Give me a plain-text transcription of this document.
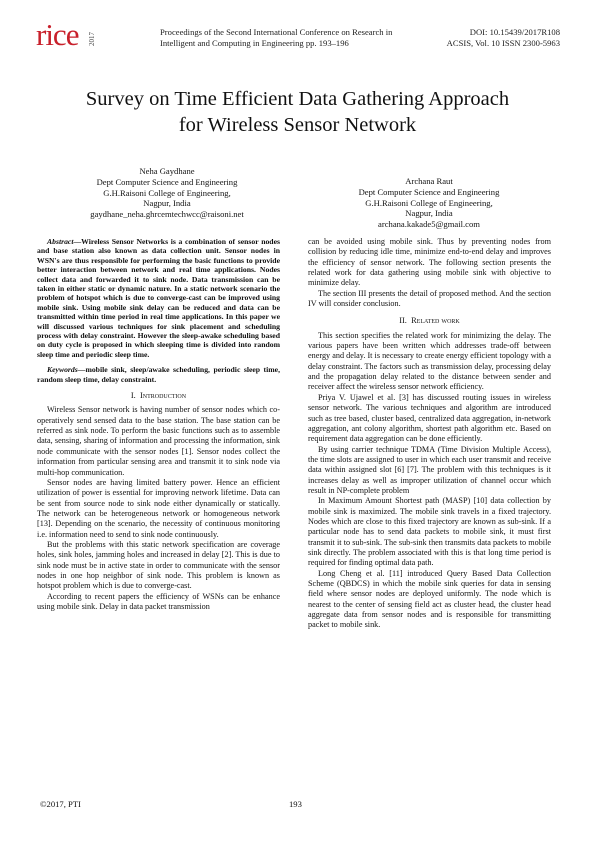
rice 2017	Proceedings of the Second International Conference on Research in	DOI: 10.15439/2017R108
Intelligent and Computing in Engineering pp. 193–196	ACSIS, Vol. 10 ISSN 2300-5963
Survey on Time Efficient Data Gathering Approach
for Wireless Sensor Network
Neha Gaydhane
Dept Computer Science and Engineering
G.H.Raisoni College of Engineering,
Nagpur, India
gaydhane_neha.ghrcemtechwcc@raisoni.net
Archana Raut
Dept Computer Science and Engineering
G.H.Raisoni College of Engineering,
Nagpur, India
archana.kakade5@gmail.com

Abstract—Wireless Sensor Networks is a combination of sensor nodes and base station also known as data collection unit. Sensor nodes in WSN's are thus responsible for performing the basic functions to provide better interaction between network and real time applications. Nodes collect data and forwarded it to sink node. Data transmission can be taken in either static or dynamic nature. In a static network scenario the problem of hotspot which is due to converge-cast can be improved using mobile sink. Using mobile sink delay can be reduced and data can be transmitted within time period in real time applications. In this paper we will discussed various techniques for sink placement and scheduling process with delay constraint. However the sleep-awake scheduling based on duty cycle is proposed in which sleeping time is divided into random sleep time and periodic sleep time.

Keywords—mobile sink, sleep/awake scheduling, periodic sleep time, random sleep time, delay constraint.

I. Introduction

Wireless Sensor network is having number of sensor nodes which co-operatively send sensed data to the base station. The base station can be referred as sink node. To perform the basic functions such as to assemble data, sensing, sharing of information and processing the information, sink node communicate with the sensor nodes [1]. Sensor nodes collect the information from particular sensing area and transmit it to sink node via multi-hop communication.

Sensor nodes are having limited battery power. Hence an efficient utilization of power is essential for improving network lifetime. Data can be sent from source node to sink node either dynamically or statically. The network can be heterogeneous network or homogeneous network [13]. Depending on the scenario, the necessity of continuous monitoring i.e. information need to send to sink node continuously.

But the problems with this static network specification are coverage holes, sink holes, jamming holes and increased in delay [2]. This is due to sink node must be in active state in order to communicate with the sensor nodes in one hop neighbor of sink node. This problem is known as hotspot problem which is due to converge-cast.

According to recent papers the efficiency of WSNs can be enhance using mobile sink. Delay in data packet transmission

can be avoided using mobile sink. Thus by preventing nodes from collision by reducing idle time, minimize end-to-end delay and improves the efficiency of sensor network. The following section presents the related work for data gathering using mobile sink with objective to minimize delay.

The section III presents the detail of proposed method. And the section IV will consider conclusion.

II. Related work

This section specifies the related work for minimizing the delay. The various papers have been written which addresses trade-off between energy and delay. It is necessary to create energy efficient topology with a delay constraint. The factors such as transmission delay, processing delay and the propagation delay related to the distance between sender and receiver affect the wireless sensor network efficiency.

Priya V. Ujawel et al. [3] has discussed routing issues in wireless sensor network. The various techniques and algorithm are introduced such as tree based, cluster based, centralized data aggregation, in-network aggregation, ant colony algorithm, shortest path algorithm etc. Based on requirement data aggregation can be done efficiently.

By using carrier technique TDMA (Time Division Multiple Access), the time slots are assigned to user in which each user transmit and receive data within assigned slot [6] [7]. The problem with this techniques is it increases delay as well as improper utilization of channel occur which result in NP-complete problem

In Maximum Amount Shortest path (MASP) [10] data collection by mobile sink is maximized. The mobile sink travels in a fixed trajectory. Nodes which are close to this fixed trajectory are known as sub-sink. If a particular node has to send data packets to mobile sink, it must first transmit it to sub-sink. The sub-sink then transmits data packets to mobile sink directly. The problem associated with this is that long time period is required for finding optimal data path.

Long Cheng et al. [11] introduced Query Based Data Collection Scheme (QBDCS) in which the mobile sink queries for data in sensing field where sensor nodes are deployed uniformly. The node which is nearest to the center of sensing field act as cluster head, the cluster head aggregate data from sensor nodes and is responsible for transmitting packet to mobile sink.

©2017, PTI	193
